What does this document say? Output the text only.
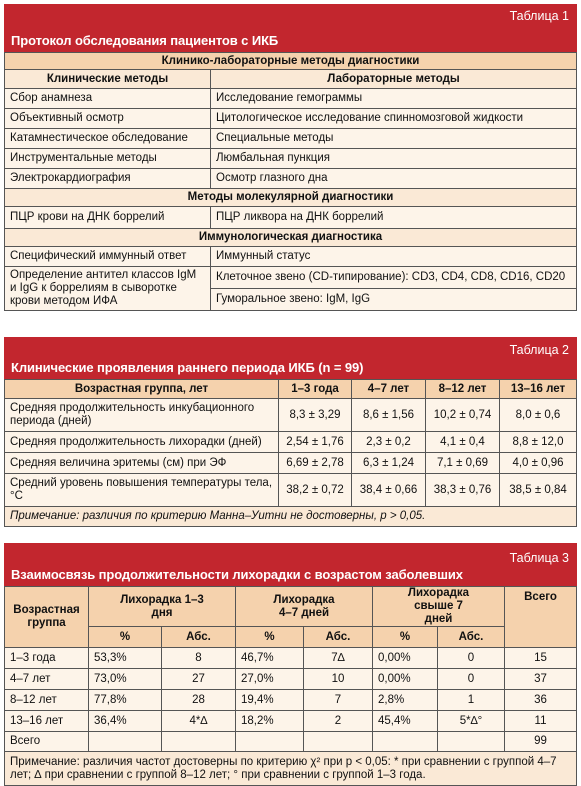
Таблица 1
Протокол обследования пациентов с ИКБ
Клинико-лабораторные методы диагностики	
Клинические методы	Лабораторные методы
Сбор анамнеза	Исследование гемограммы
Объективный осмотр	Цитологическое исследование спинномозговой жидкости
Катамнестическое обследование	Специальные методы
Инструментальные методы	Люмбальная пункция
Электрокардиография	Осмотр глазного дна
Методы молекулярной диагностики	
ПЦР крови на ДНК боррелий	ПЦР ликвора на ДНК боррелий
Иммунологическая диагностика	
Специфический иммунный ответ	Иммунный статус
Определение антител классов IgM и IgG к боррелиям в сыворотке крови методом ИФА	Клеточное звено (CD-типирование): CD3, CD4, CD8, CD16, CD20
	Гуморальное звено: IgM, IgG
Таблица 2
Клинические проявления раннего периода ИКБ (n = 99)
Возрастная группа, лет	1–3 года	4–7 лет	8–12 лет	13–16 лет
Средняя продолжительность инкубационного периода (дней)	8,3 ± 3,29	8,6 ± 1,56	10,2 ± 0,74	8,0 ± 0,6
Средняя продолжительность лихорадки (дней)	2,54 ± 1,76	2,3 ± 0,2	4,1 ± 0,4	8,8 ± 12,0
Средняя величина эритемы (см) при ЭФ	6,69 ± 2,78	6,3 ± 1,24	7,1 ± 0,69	4,0 ± 0,96
Средний уровень повышения температуры тела, °С	38,2 ± 0,72	38,4 ± 0,66	38,3 ± 0,76	38,5 ± 0,84
Примечание: различия по критерию Манна–Уитни не достоверны, p > 0,05.				
Таблица 3
Взаимосвязь продолжительности лихорадки с возрастом заболевших
Возрастная группа	Лихорадка 1–3 дня		Лихорадка 4–7 дней		Лихорадка свыше 7 дней		Всего
	%	Абс.	%	Абс.	%	Абс.	
1–3 года	53,3%	8	46,7%	7∆	0,00%	0	15
4–7 лет	73,0%	27	27,0%	10	0,00%	0	37
8–12 лет	77,8%	28	19,4%	7	2,8%	1	36
13–16 лет	36,4%	4*∆	18,2%	2	45,4%	5*∆°	11
Всего							99
Примечание: различия частот достоверны по критерию χ² при p < 0,05: * при сравнении с группой 4–7 лет; ∆ при сравнении с группой 8–12 лет; ° при сравнении с группой 1–3 года.							
